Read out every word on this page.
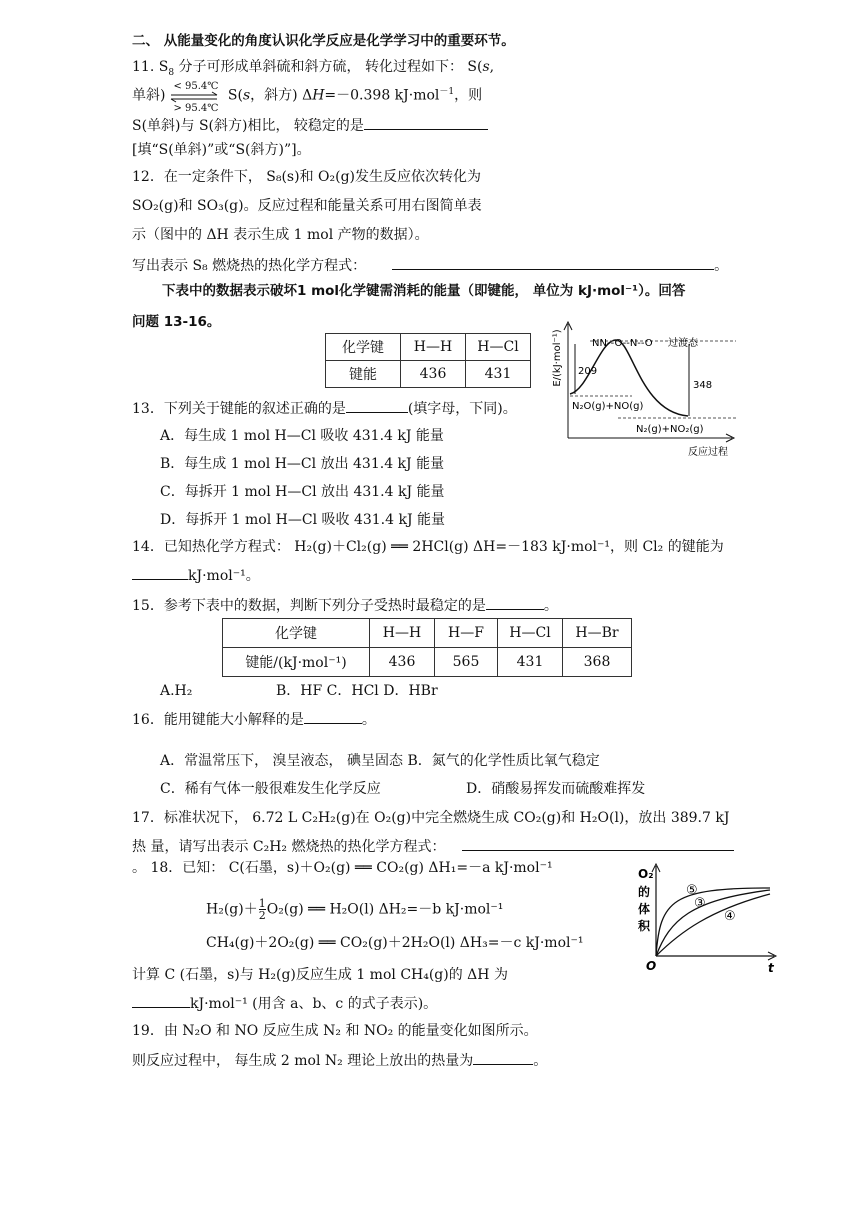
二、 从能量变化的角度认识化学反应是化学学习中的重要环节。
11. $S_8$ 分子可形成单斜硫和斜方硫， 转化过程如下： S(s,
单斜)
< 95.4℃
> 95.4℃
S(s，斜方) ΔH=－0.398 kJ·mol$^{-1}$，则
S(单斜)与 S(斜方)相比， 较稳定的是
[填“S(单斜)”或“S(斜方)”]。
12．在一定条件下， S₈(s)和 O₂(g)发生反应依次转化为
SO₂(g)和 SO₃(g)。反应过程和能量关系可用右图简单表
示（图中的 ΔH 表示生成 1 mol 产物的数据）。
写出表示 S₈ 燃烧热的热化学方程式：	。
下表中的数据表示破坏1 mol化学键需消耗的能量（即键能， 单位为 kJ·mol⁻¹）。回答
问题 13-16。
化学键	H—H	H—Cl
键能	436	431	E/(kJ·mol⁻¹) 209
348
NN--O--N--O 过渡态
N₂O(g)+NO(g)
N₂(g)+NO₂(g)
反应过程
13．下列关于键能的叙述正确的是	(填字母，下同)。
A．每生成 1 mol H—Cl 吸收 431.4 kJ 能量
B．每生成 1 mol H—Cl 放出 431.4 kJ 能量
C．每拆开 1 mol H—Cl 放出 431.4 kJ 能量
D．每拆开 1 mol H—Cl 吸收 431.4 kJ 能量
14．已知热化学方程式： H₂(g)＋Cl₂(g) ══ 2HCl(g) ΔH=－183 kJ·mol⁻¹，则 Cl₂ 的键能为
kJ·mol⁻¹。
15．参考下表中的数据，判断下列分子受热时最稳定的是	。
化学键	H—H	H—F	H—Cl	H—Br
键能/(kJ·mol⁻¹)	436	565	431	368
A.H₂	B．HF C．HCl D．HBr
16．能用键能大小解释的是	。
A．常温常压下， 溴呈液态， 碘呈固态 B．氮气的化学性质比氧气稳定
C．稀有气体一般很难发生化学反应	D．硝酸易挥发而硫酸难挥发
17．标准状况下， 6.72 L C₂H₂(g)在 O₂(g)中完全燃烧生成 CO₂(g)和 H₂O(l)，放出 389.7 kJ
热 量，请写出表示 C₂H₂ 燃烧热的热化学方程式：
。 18．已知： C(石墨，s)＋O₂(g) ══ CO₂(g) ΔH₁=－a kJ·mol⁻¹
$H_2(g)+ \frac{1}{2} O_2(g)$ ══ H₂O(l) ΔH₂=－b kJ·mol⁻¹
CH₄(g)＋2O₂(g) ══ CO₂(g)＋2H₂O(l) ΔH₃=－c kJ·mol⁻¹
计算 C (石墨，s)与 H₂(g)反应生成 1 mol CH₄(g)的 ΔH 为
kJ·mol⁻¹ (用含 a、b、c 的式子表示)。
O₂
的
体
积
O	t
⑤
③
④
19．由 N₂O 和 NO 反应生成 N₂ 和 NO₂ 的能量变化如图所示。
则反应过程中， 每生成 2 mol N₂ 理论上放出的热量为	。
